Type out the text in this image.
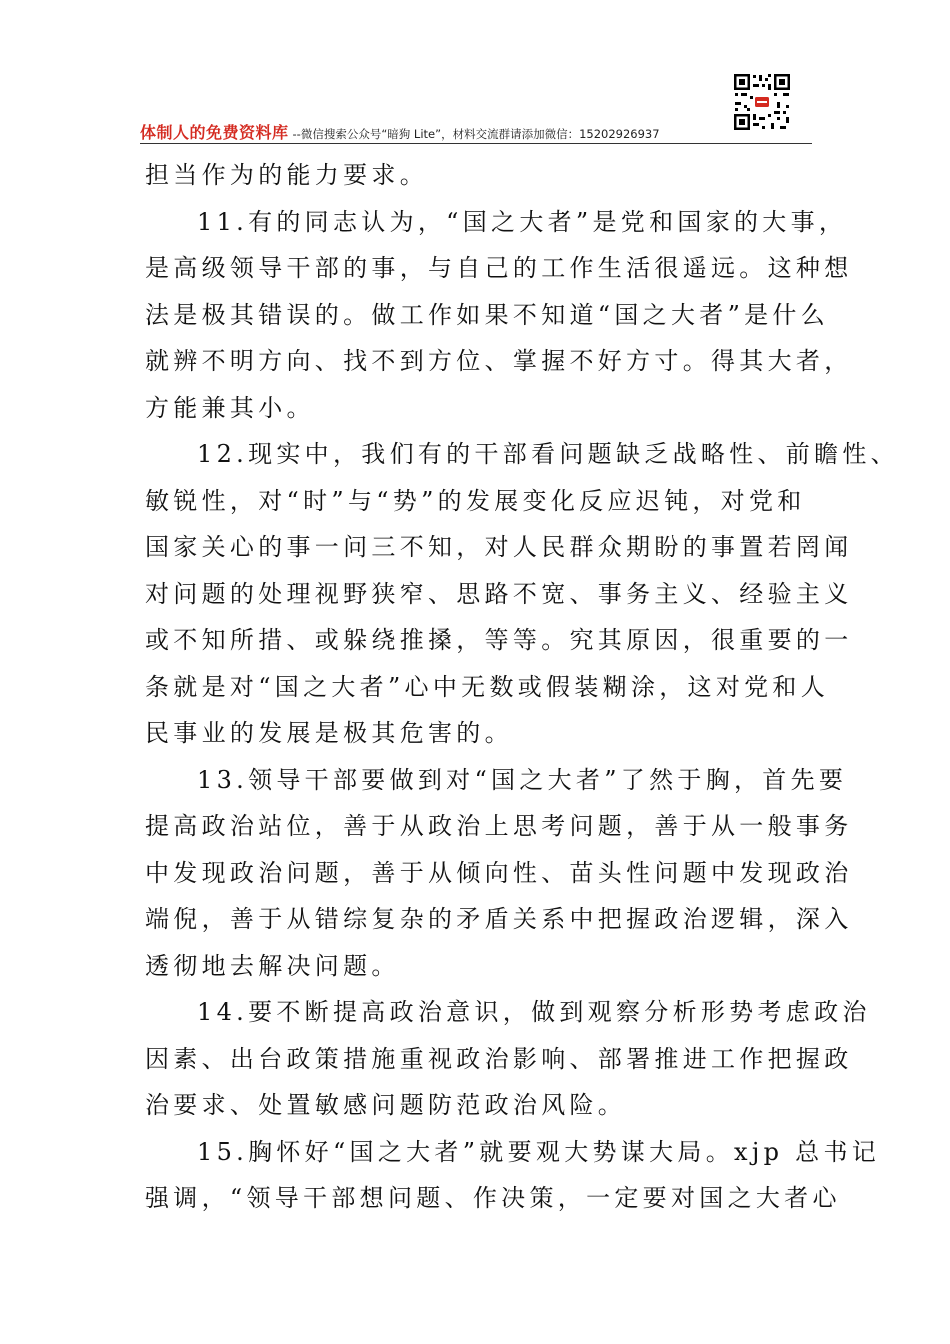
体制人的免费资料库 --微信搜索公众号“暗狗 Lite”，材料交流群请添加微信：15202926937
担当作为的能力要求。
11.有的同志认为，“国之大者”是党和国家的大事，
是高级领导干部的事，与自己的工作生活很遥远。这种想
法是极其错误的。做工作如果不知道“国之大者”是什么
就辨不明方向、找不到方位、掌握不好方寸。得其大者，
方能兼其小。
12.现实中，我们有的干部看问题缺乏战略性、前瞻性、
敏锐性，对“时”与“势”的发展变化反应迟钝，对党和
国家关心的事一问三不知，对人民群众期盼的事置若罔闻
对问题的处理视野狭窄、思路不宽、事务主义、经验主义
或不知所措、或躲绕推搡，等等。究其原因，很重要的一
条就是对“国之大者”心中无数或假装糊涂，这对党和人
民事业的发展是极其危害的。
13.领导干部要做到对“国之大者”了然于胸，首先要
提高政治站位，善于从政治上思考问题，善于从一般事务
中发现政治问题，善于从倾向性、苗头性问题中发现政治
端倪，善于从错综复杂的矛盾关系中把握政治逻辑，深入
透彻地去解决问题。
14.要不断提高政治意识，做到观察分析形势考虑政治
因素、出台政策措施重视政治影响、部署推进工作把握政
治要求、处置敏感问题防范政治风险。
15.胸怀好“国之大者”就要观大势谋大局。xjp 总书记
强调，“领导干部想问题、作决策，一定要对国之大者心
